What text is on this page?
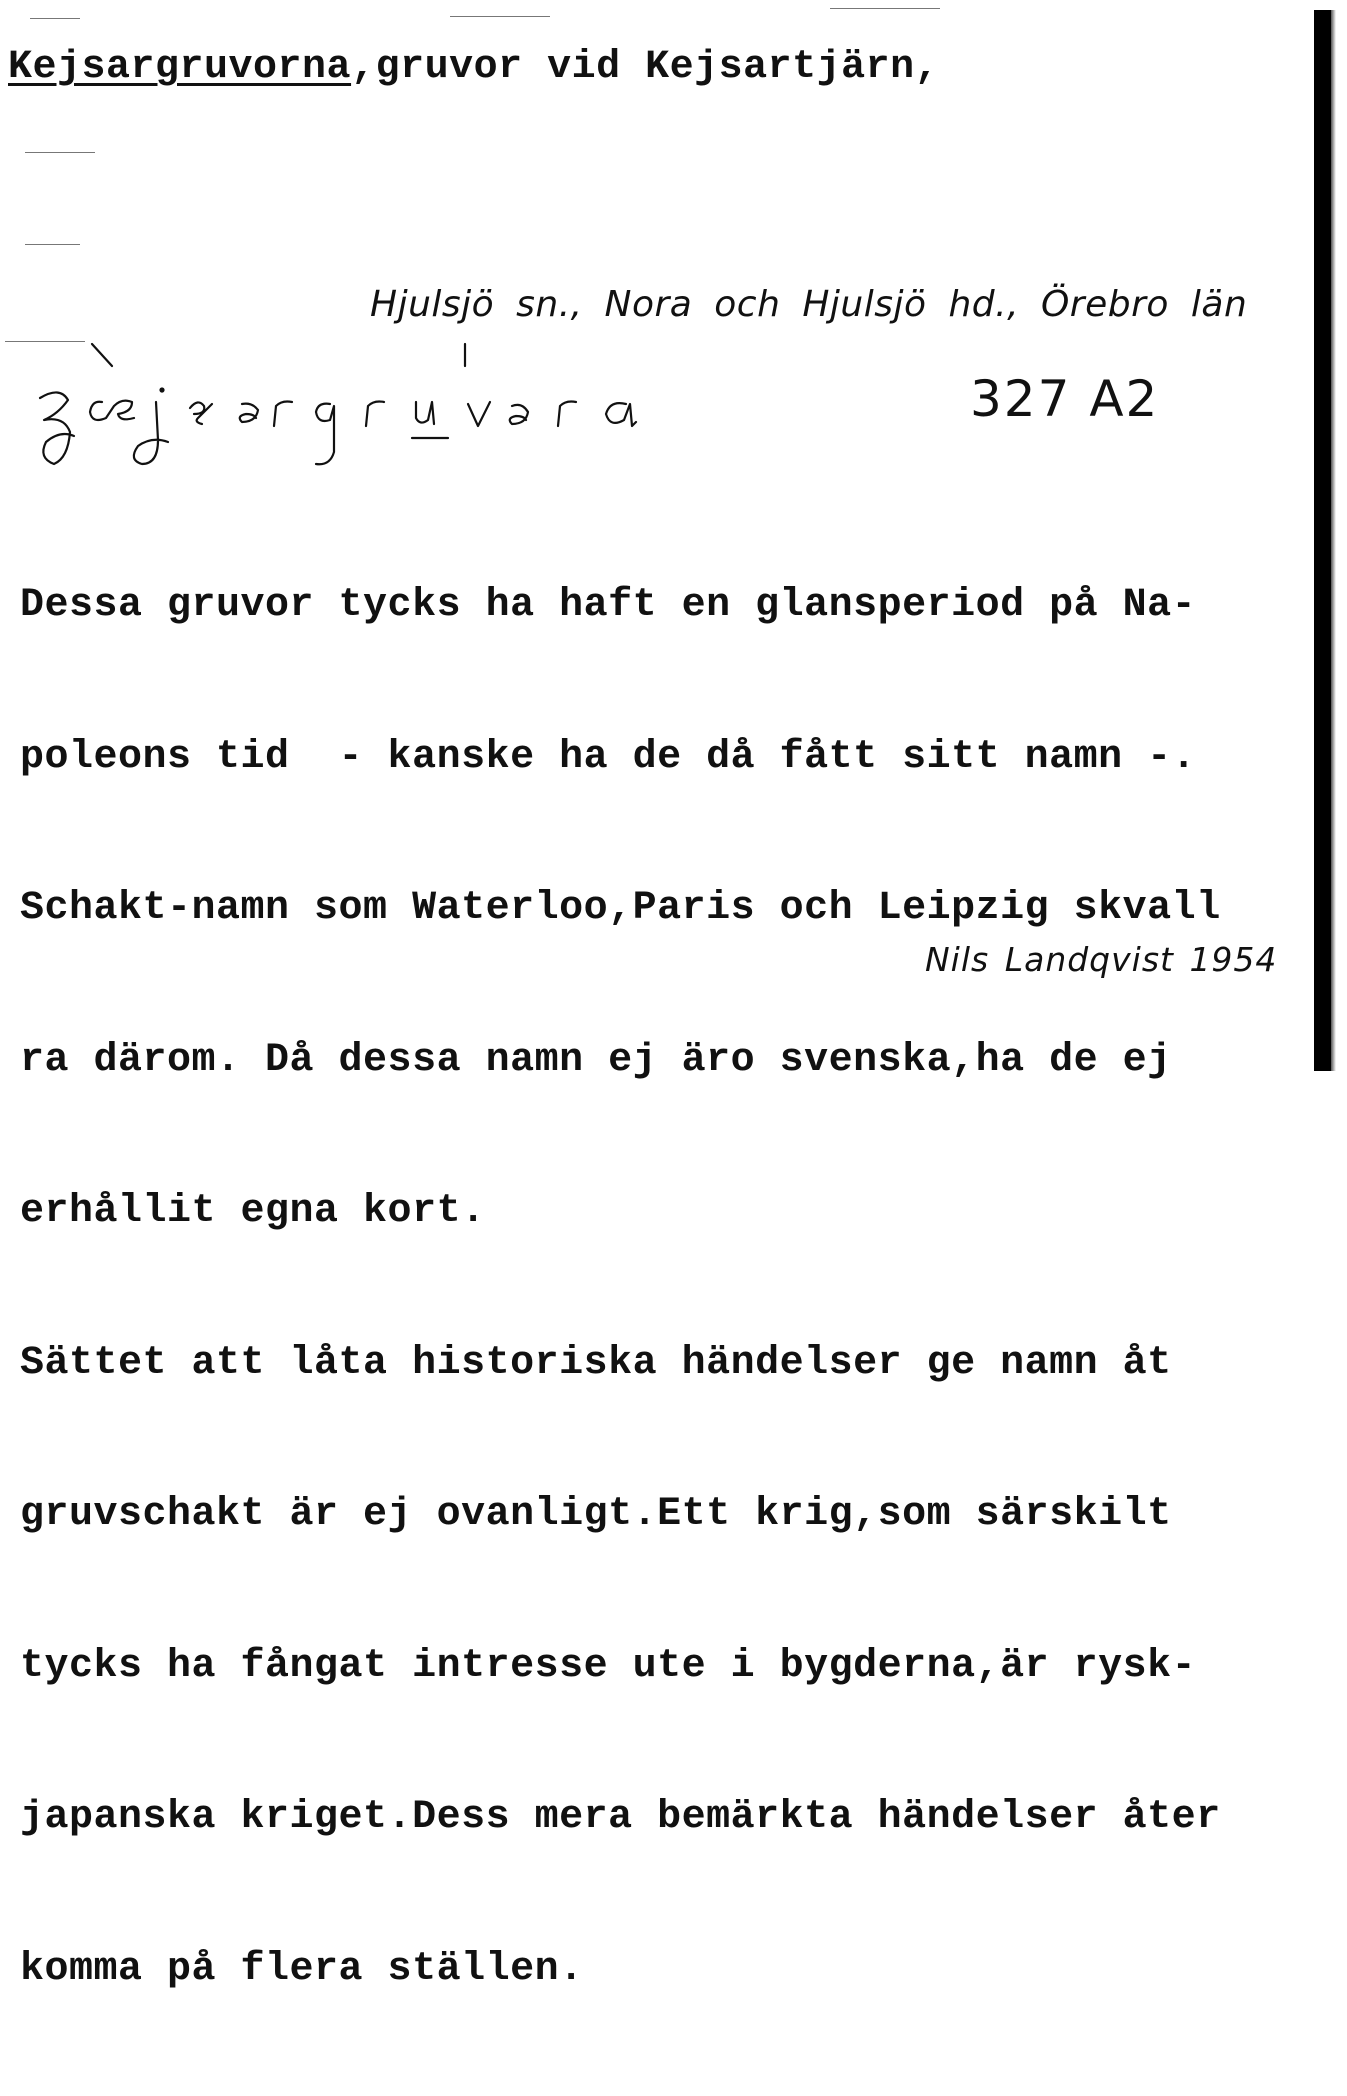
Kejsargruvorna,gruvor vid Kejsartjärn,
Hjulsjö sn., Nora och Hjulsjö hd., Örebro län
327 A2

Dessa gruvor tycks ha haft en glansperiod på Na-

poleons tid  - kanske ha de då fått sitt namn -.

Schakt-namn som Waterloo,Paris och Leipzig skvall

ra därom. Då dessa namn ej äro svenska,ha de ej

erhållit egna kort.

Sättet att låta historiska händelser ge namn åt

gruvschakt är ej ovanligt.Ett krig,som särskilt

tycks ha fångat intresse ute i bygderna,är rysk-

japanska kriget.Dess mera bemärkta händelser åter

komma på flera ställen.

Nils Landqvist 1954
